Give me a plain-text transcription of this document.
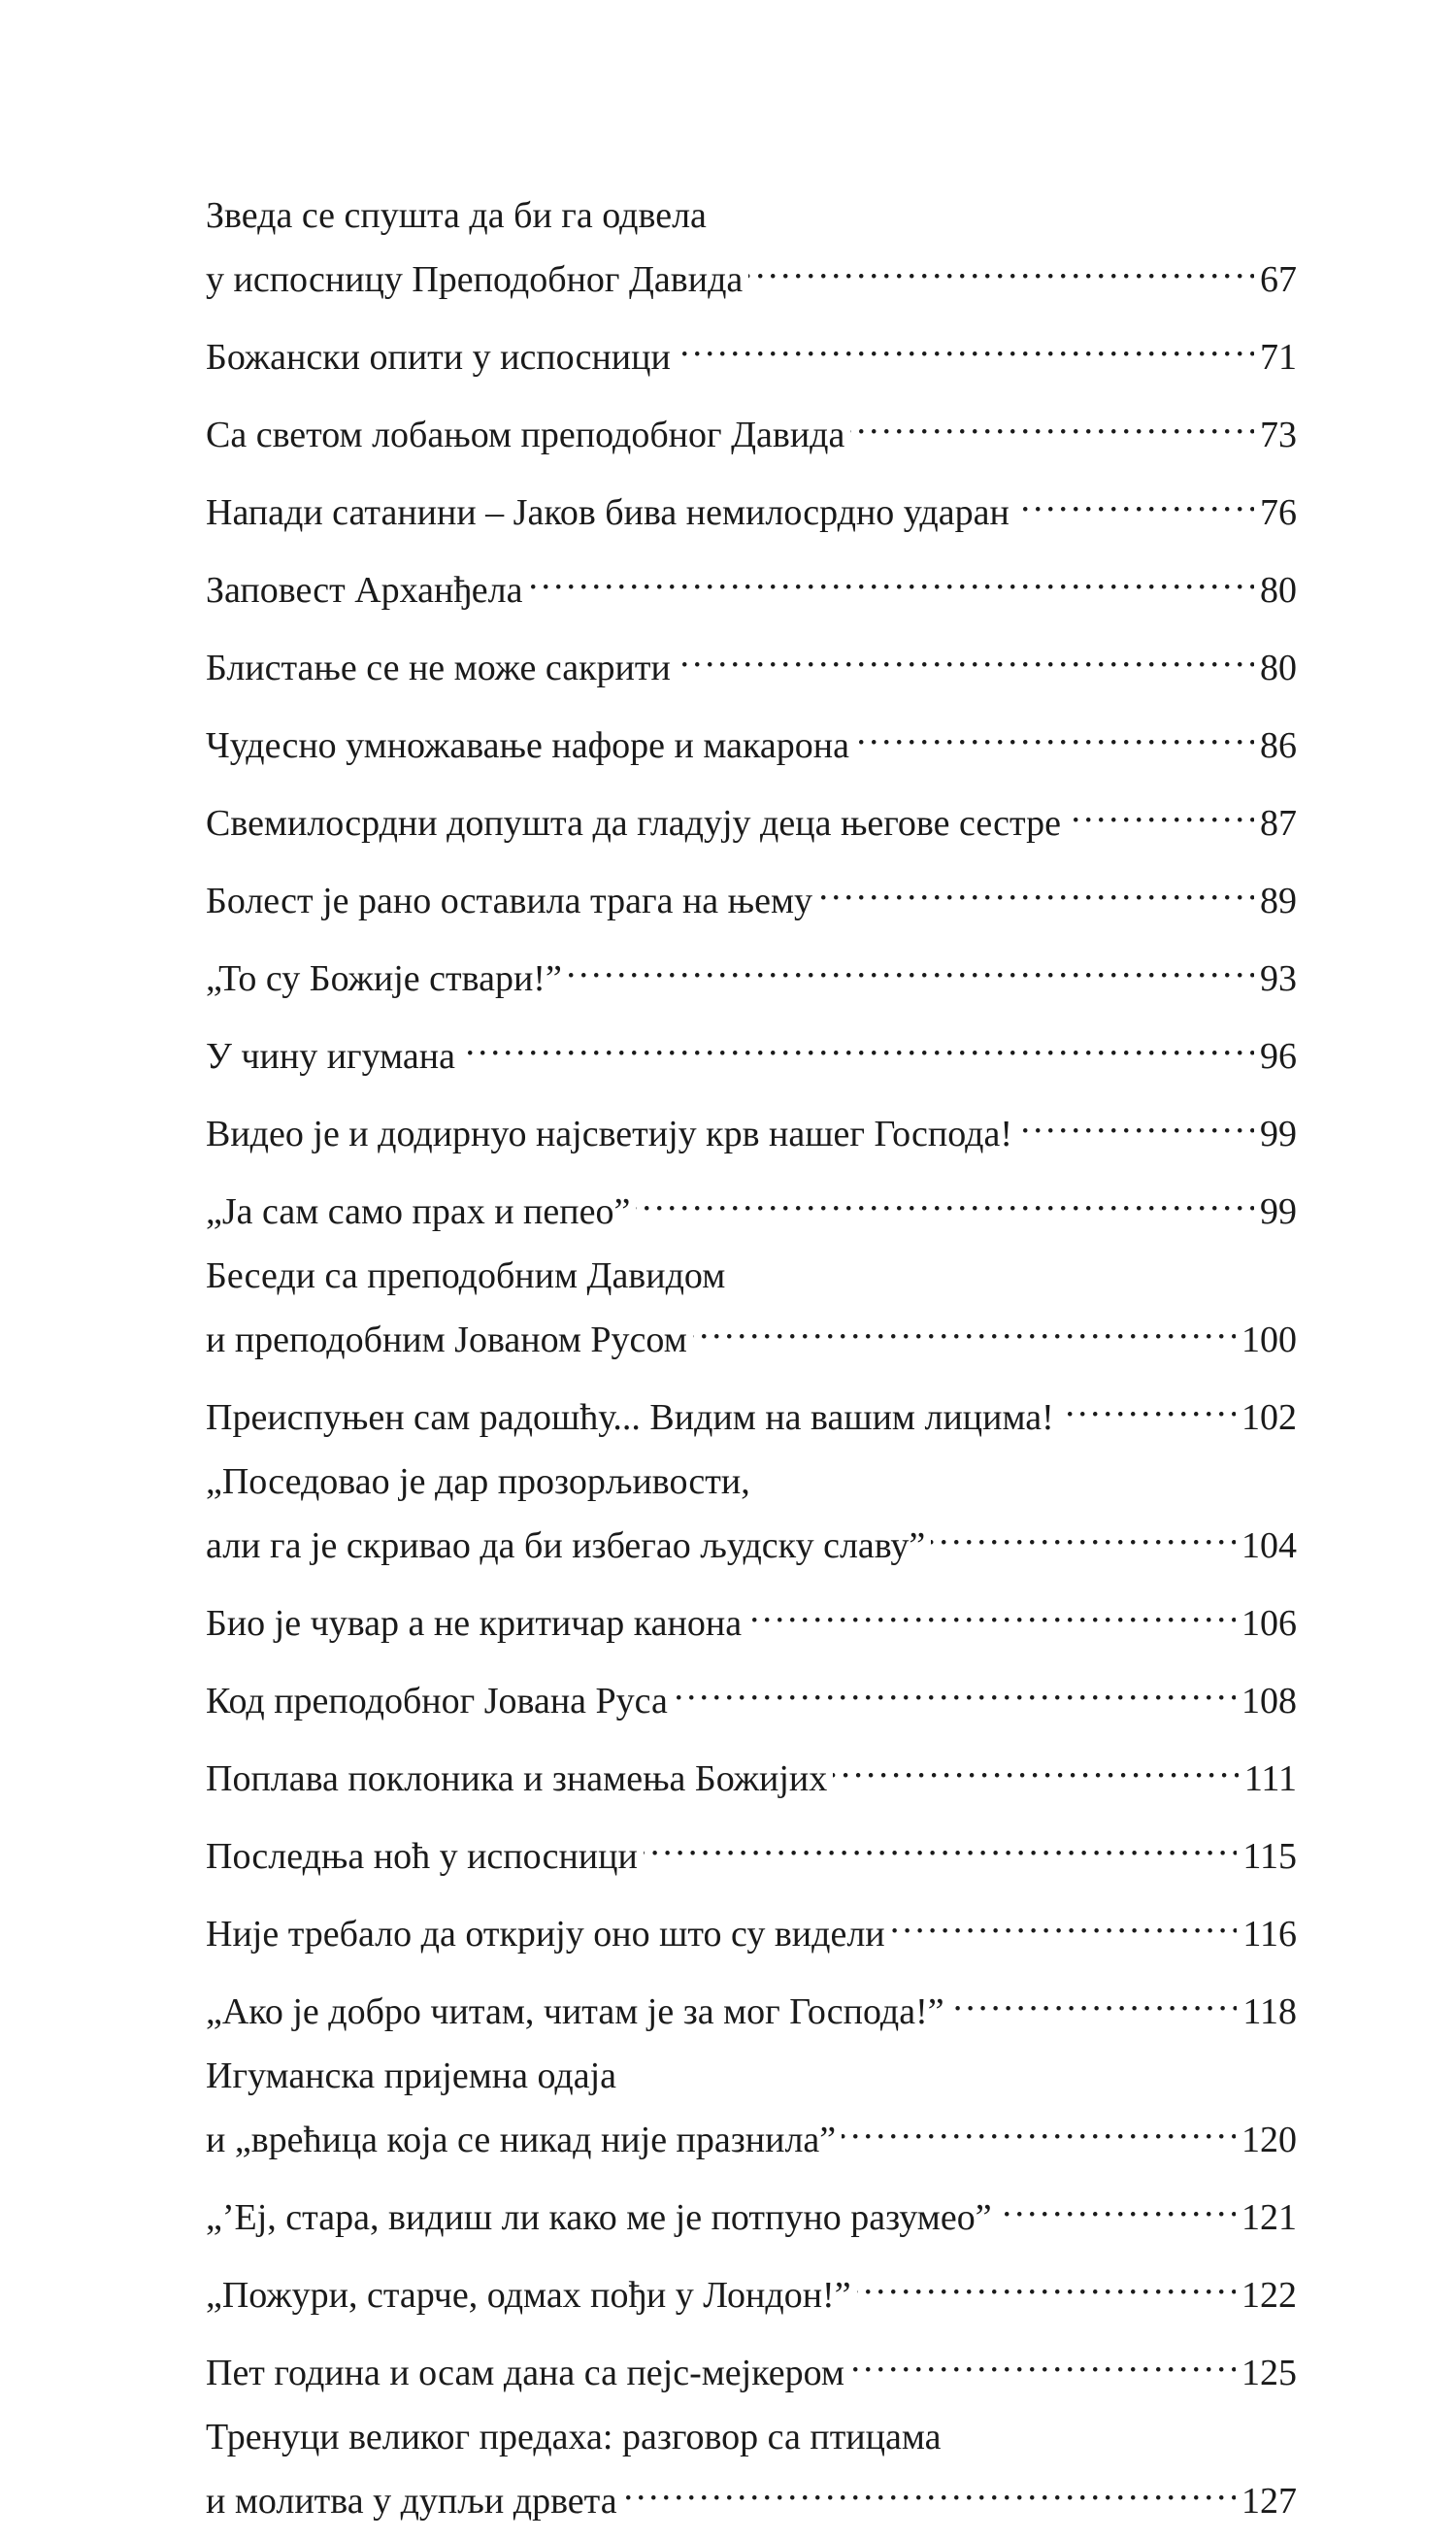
Зведа се спушта да би га одвела
у испосницу Преподобног Давида . . .	67
Божански опити у испосници . . .	71
Са светом лобањом преподобног Давида . . .	73
Напади сатанини – Јаков бива немилосрдно ударан . . .	76
Заповест Арханђела . . .	80
Блистање се не може сакрити . . .	80
Чудесно умножавање нафоре и макарона . . .	86
Свемилосрдни допушта да гладују деца његове сестре . . .	87
Болест је рано оставила трага на њему . . .	89
„То су Божије ствари!” . . .	93
У чину игумана . . .	96
Видео је и додирнуо најсветију крв нашег Господа! . . .	99
„Ја сам само прах и пепео” . . .	99
Беседи са преподобним Давидом
и преподобним Јованом Русом . . .	100
Преиспуњен сам радошћу... Видим на вашим лицима! . . .	102
„Поседовао је дар прозорљивости,
али га је скривао да би избегао људску славу” . . .	104
Био је чувар а не критичар канона . . .	106
Код преподобног Јована Руса . . .	108
Поплава поклоника и знамења Божијих . . .	111
Последња ноћ у испосници . . .	115
Није требало да открију оно што су видели . . .	116
„Ако је добро читам, читам је за мог Господа!” . . .	118
Игуманска пријемна одаја
и „врећица која се никад није празнила” . . .	120
„’Еј, стара, видиш ли како ме је потпуно разумео” . . .	121
„Пожури, старче, одмах пођи у Лондон!” . . .	122
Пет година и осам дана са пејс-мејкером . . .	125
Тренуци великог предаха: разговор са птицама
и молитва у дупљи дрвета . . .	127
